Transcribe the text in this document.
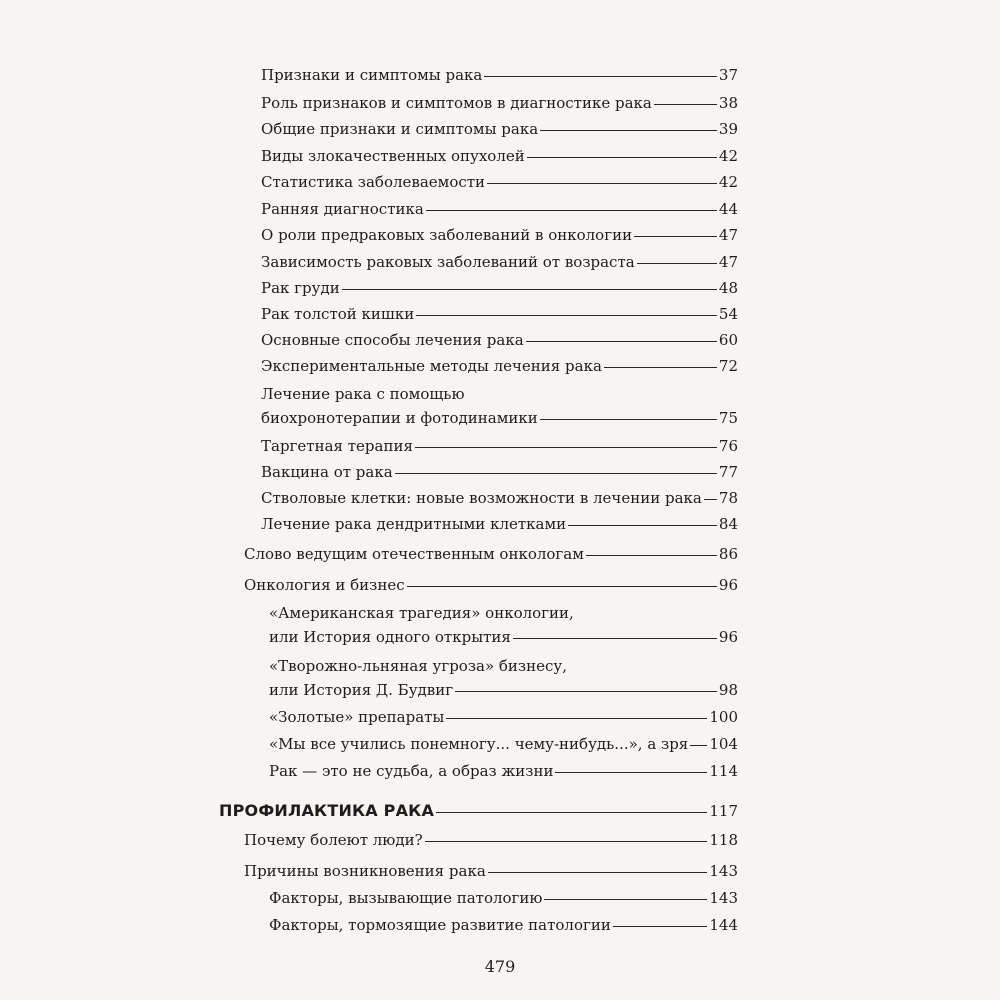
Признаки и симптомы рака	37
Роль признаков и симптомов в диагностике рака	38
Общие признаки и симптомы рака	39
Виды злокачественных опухолей	42
Статистика заболеваемости	42
Ранняя диагностика	44
О роли предраковых заболеваний в онкологии	47
Зависимость раковых заболеваний от возраста	47
Рак груди	48
Рак толстой кишки	54
Основные способы лечения рака	60
Экспериментальные методы лечения рака	72
Лечение рака с помощью
биохронотерапии и фотодинамики	75
Таргетная терапия	76
Вакцина от рака	77
Стволовые клетки: новые возможности в лечении рака 78
Лечение рака дендритными клетками	84
Слово ведущим отечественным онкологам	86
Онкология и бизнес	96
«Американская трагедия» онкологии,
или История одного открытия	96
«Творожно-льняная угроза» бизнесу,
или История Д. Будвиг	98
«Золотые» препараты	100
«Мы все учились понемногу... чему-нибудь...», а зря 104
Рак — это не судьба, а образ жизни	114
ПРОФИЛАКТИКА РАКА	117
Почему болеют люди?	118
Причины возникновения рака	143
Факторы, вызывающие патологию	143
Факторы, тормозящие развитие патологии	144
479
